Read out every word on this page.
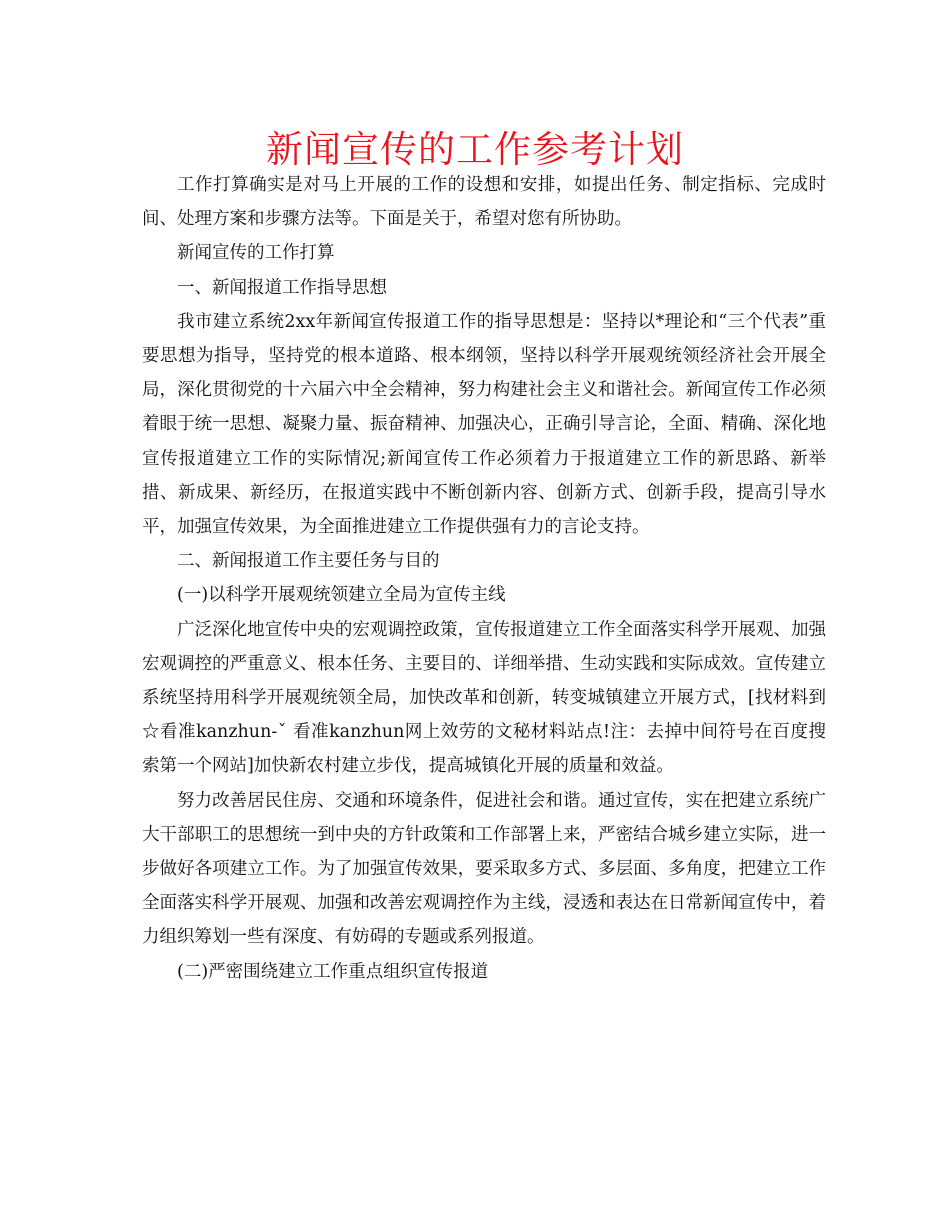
新闻宣传的工作参考计划

工作打算确实是对马上开展的工作的设想和安排，如提出任务、制定指标、完成时间、处理方案和步骤方法等。下面是关于，希望对您有所协助。

新闻宣传的工作打算

一、新闻报道工作指导思想

我市建立系统2xx年新闻宣传报道工作的指导思想是：坚持以*理论和“三个代表”重要思想为指导，坚持党的根本道路、根本纲领，坚持以科学开展观统领经济社会开展全局，深化贯彻党的十六届六中全会精神，努力构建社会主义和谐社会。新闻宣传工作必须着眼于统一思想、凝聚力量、振奋精神、加强决心，正确引导言论，全面、精确、深化地宣传报道建立工作的实际情况;新闻宣传工作必须着力于报道建立工作的新思路、新举措、新成果、新经历，在报道实践中不断创新内容、创新方式、创新手段，提高引导水平，加强宣传效果，为全面推进建立工作提供强有力的言论支持。

二、新闻报道工作主要任务与目的

(一)以科学开展观统领建立全局为宣传主线

广泛深化地宣传中央的宏观调控政策，宣传报道建立工作全面落实科学开展观、加强宏观调控的严重意义、根本任务、主要目的、详细举措、生动实践和实际成效。宣传建立系统坚持用科学开展观统领全局，加快改革和创新，转变城镇建立开展方式，[找材料到☆看准kanzhun-ˇ 看准kanzhun网上效劳的文秘材料站点!注：去掉中间符号在百度搜索第一个网站]加快新农村建立步伐，提高城镇化开展的质量和效益。

努力改善居民住房、交通和环境条件，促进社会和谐。通过宣传，实在把建立系统广大干部职工的思想统一到中央的方针政策和工作部署上来，严密结合城乡建立实际，进一步做好各项建立工作。为了加强宣传效果，要采取多方式、多层面、多角度，把建立工作全面落实科学开展观、加强和改善宏观调控作为主线，浸透和表达在日常新闻宣传中，着力组织筹划一些有深度、有妨碍的专题或系列报道。

(二)严密围绕建立工作重点组织宣传报道
